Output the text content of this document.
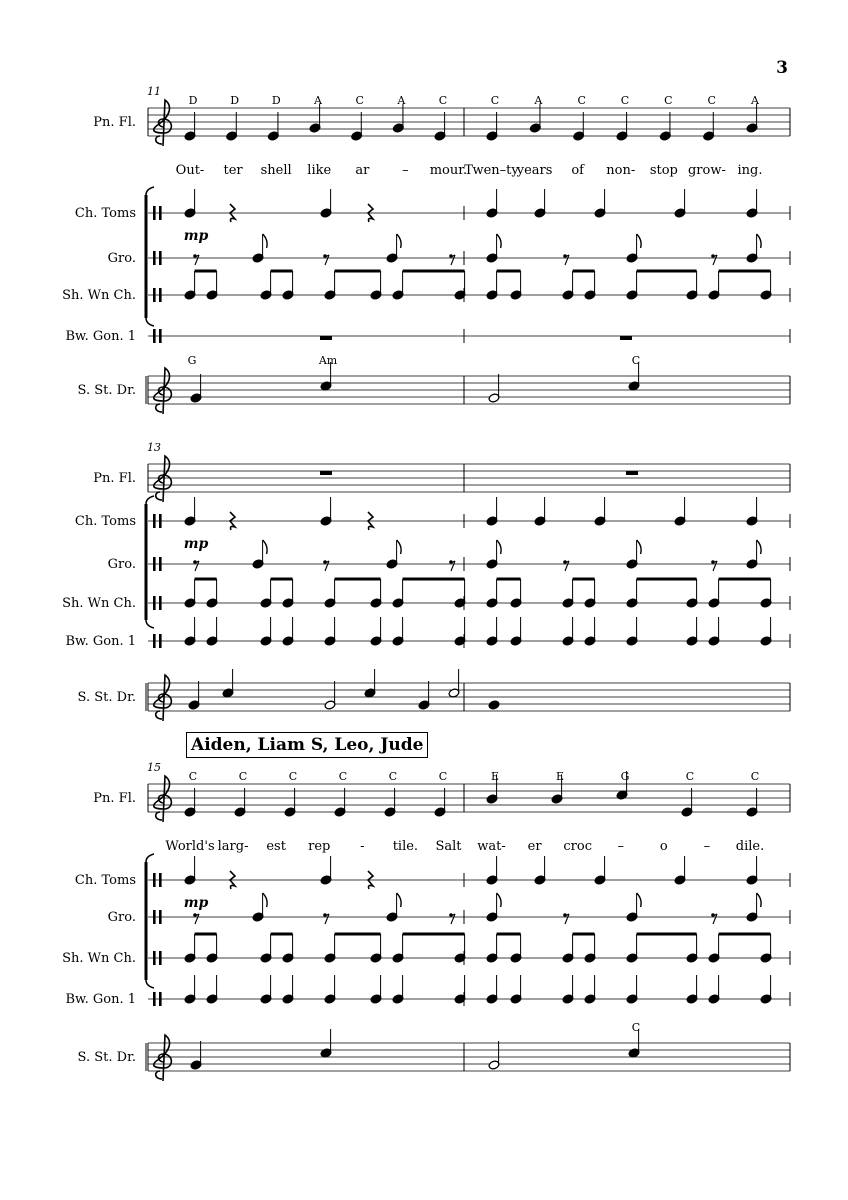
11
Pn. Fl.
Ch. Toms
Gro.
Sh. Wn Ch.
Bw. Gon. 1
S. St. Dr.
D	D	D	A	C	A	C	C	A	C	C	C	C	A
Out- ter shell like ar	– mour.
Twen–ty
years of non- stop grow- ing.
mp
G	Am	C
13
Pn. Fl.
Ch. Toms
Gro.
Sh. Wn Ch.
Bw. Gon. 1
S. St. Dr.
mp
15
Pn. Fl.
Ch. Toms
Gro.
Sh. Wn Ch.
Bw. Gon. 1
S. St. Dr.
C	C	C	C	C	C	E	E	G	C	C
World's larg- est rep - tile. Salt wat- er croc –	o	– dile.
mp
C
3
Aiden, Liam S, Leo, Jude
